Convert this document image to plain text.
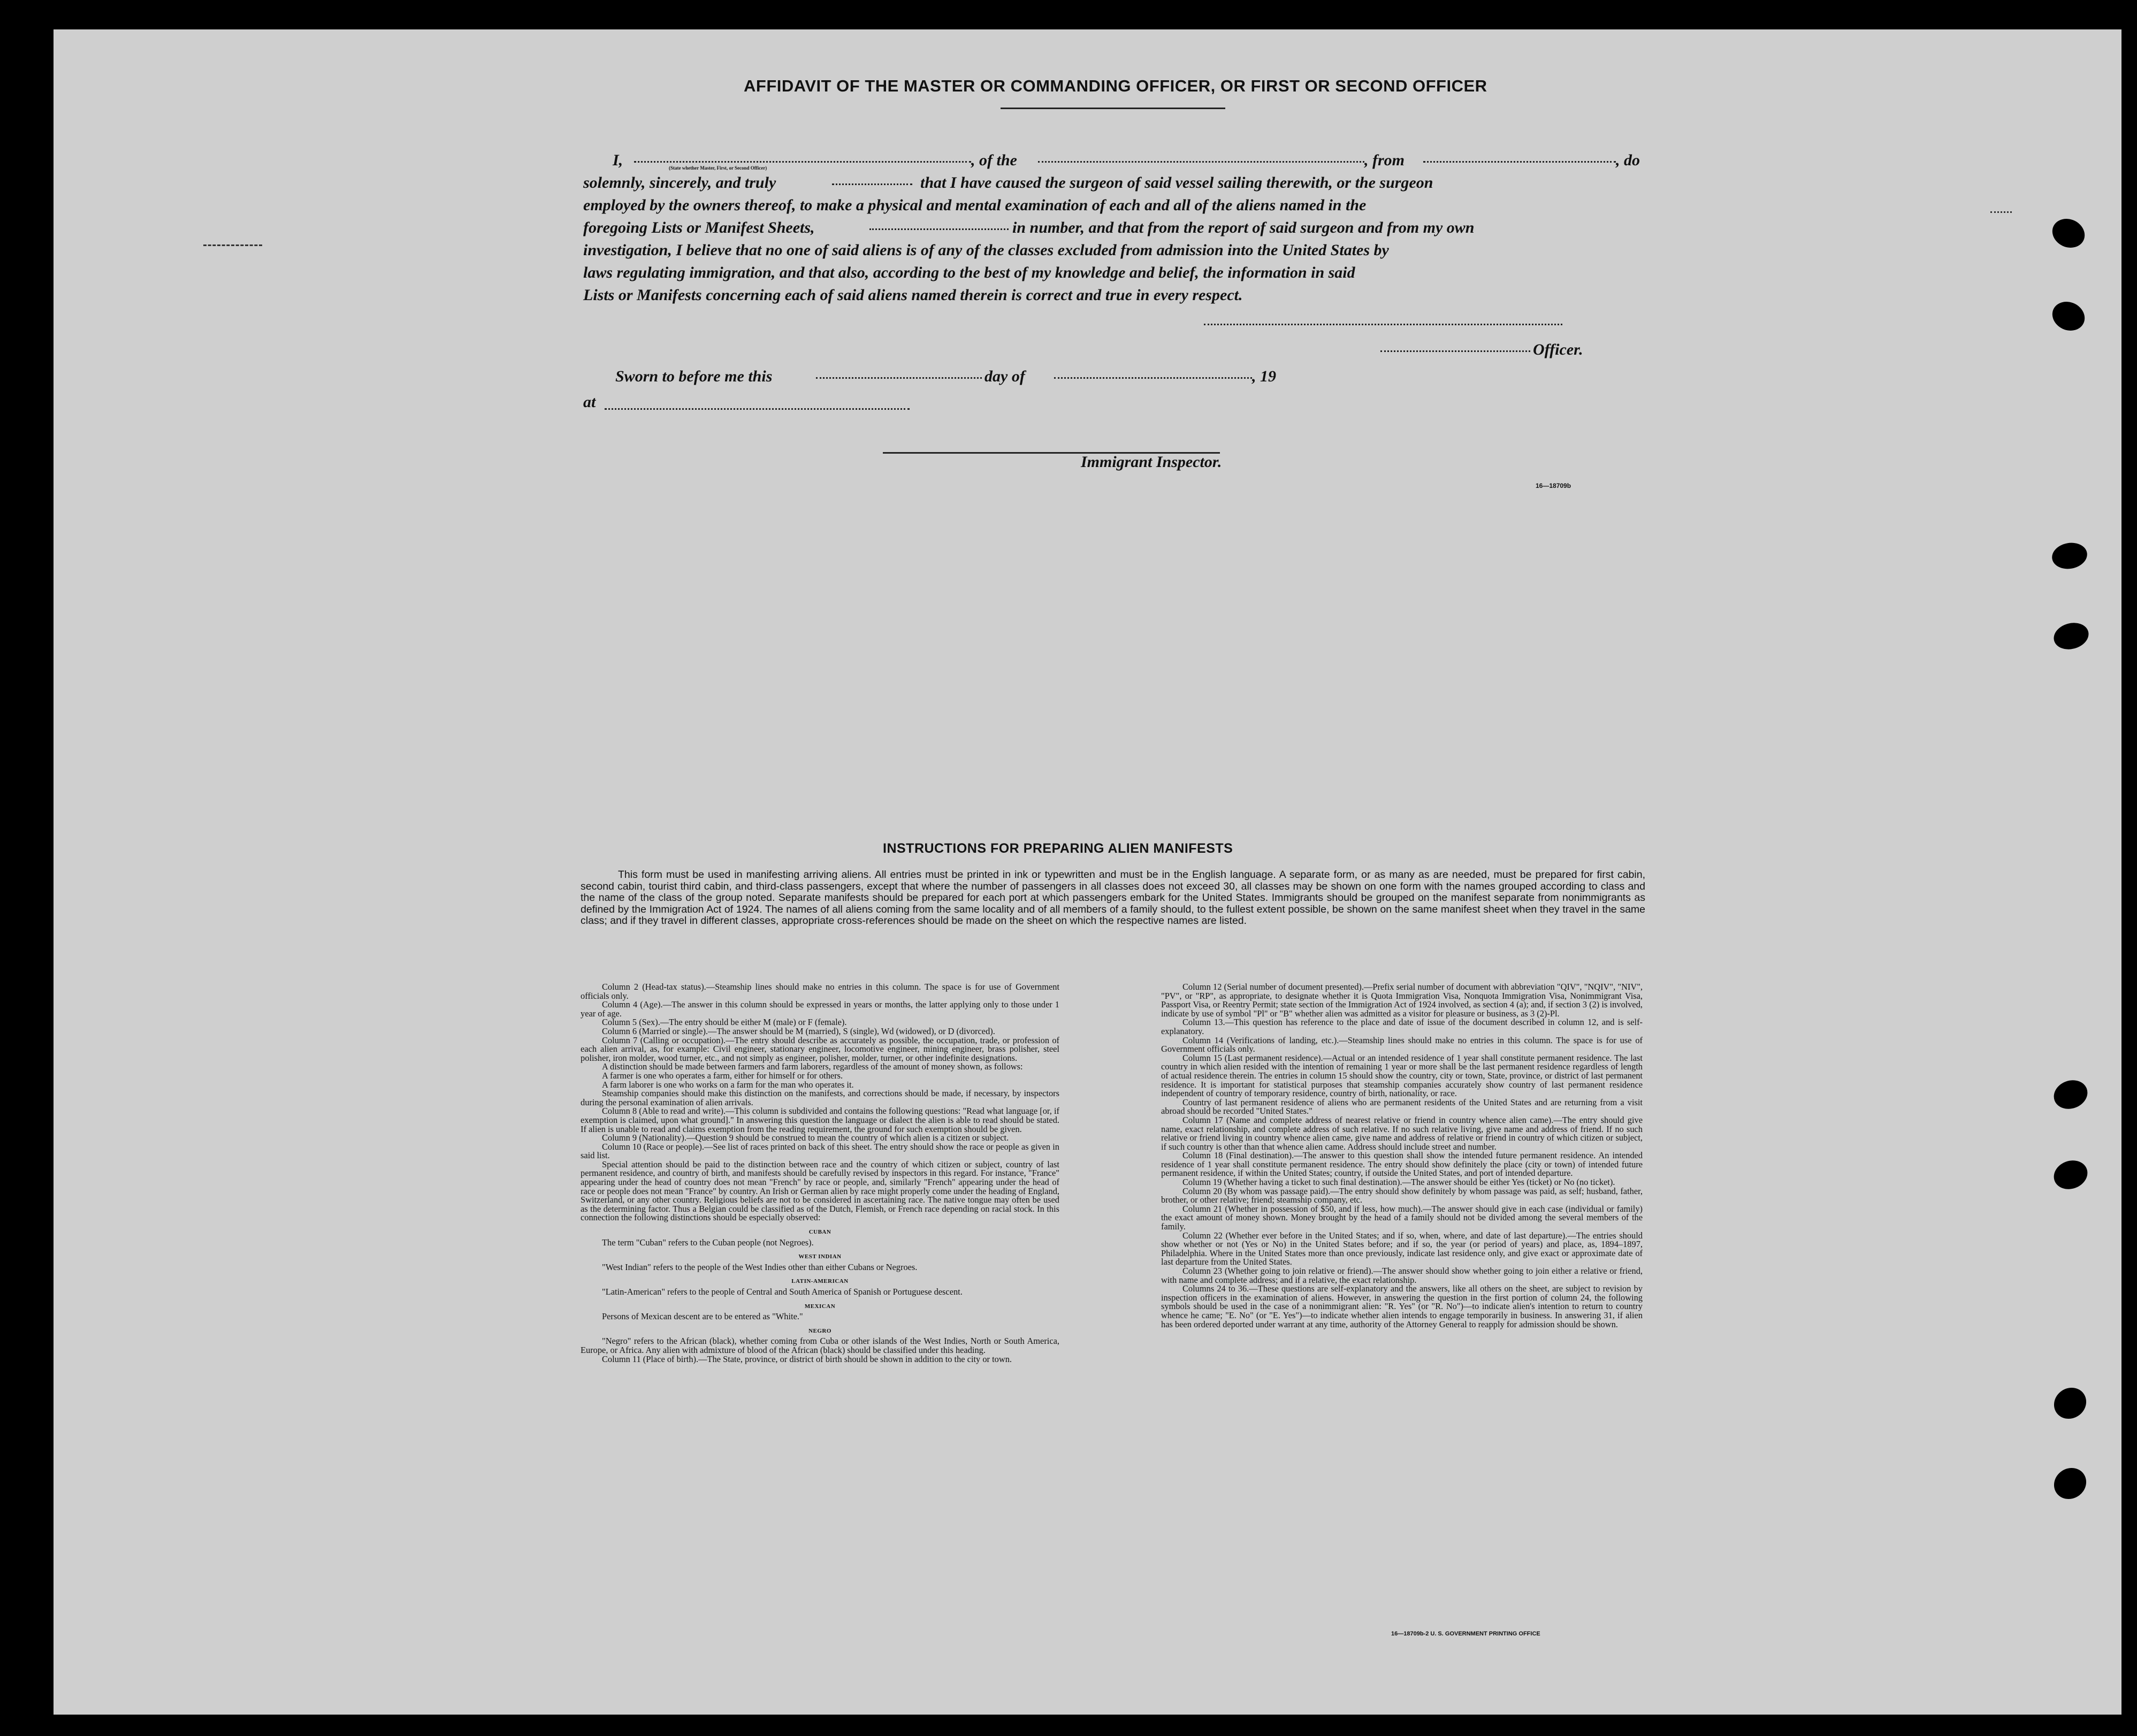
AFFIDAVIT OF THE MASTER OR COMMANDING OFFICER, OR FIRST OR SECOND OFFICER
I,	(State whether Master, First, or Second Officer)	, of the	, from	, do
solemnly, sincerely, and truly	that I have caused the surgeon of said vessel sailing therewith, or the surgeon
employed by the owners thereof, to make a physical and mental examination of each and all of the aliens named in the
foregoing Lists or Manifest Sheets,	in number, and that from the report of said surgeon and from my own
investigation, I believe that no one of said aliens is of any of the classes excluded from admission into the United States by
laws regulating immigration, and that also, according to the best of my knowledge and belief, the information in said
Lists or Manifests concerning each of said aliens named therein is correct and true in every respect.
Officer.
Sworn to before me this	day of	, 19
at
Immigrant Inspector.
16—18709b
INSTRUCTIONS FOR PREPARING ALIEN MANIFESTS
This form must be used in manifesting arriving aliens. All entries must be printed in ink or typewritten and must be in the English language. A separate form, or as many as are needed, must be prepared for first cabin, second cabin, tourist third cabin, and third-class passengers, except that where the number of passengers in all classes does not exceed 30, all classes may be shown on one form with the names grouped according to class and the name of the class of the group noted. Separate manifests should be prepared for each port at which passengers embark for the United States. Immigrants should be grouped on the manifest separate from nonimmigrants as defined by the Immigration Act of 1924. The names of all aliens coming from the same locality and of all members of a family should, to the fullest extent possible, be shown on the same manifest sheet when they travel in the same class; and if they travel in different classes, appropriate cross-references should be made on the sheet on which the respective names are listed.

Column 2 (Head-tax status).—Steamship lines should make no entries in this column. The space is for use of Government officials only.

Column 4 (Age).—The answer in this column should be expressed in years or months, the latter applying only to those under 1 year of age.

Column 5 (Sex).—The entry should be either M (male) or F (female).

Column 6 (Married or single).—The answer should be M (married), S (single), Wd (widowed), or D (divorced).

Column 7 (Calling or occupation).—The entry should describe as accurately as possible, the occupation, trade, or profession of each alien arrival, as, for example: Civil engineer, stationary engineer, locomotive engineer, mining engineer, brass polisher, steel polisher, iron molder, wood turner, etc., and not simply as engineer, polisher, molder, turner, or other indefinite designations.

A distinction should be made between farmers and farm laborers, regardless of the amount of money shown, as follows:

A farmer is one who operates a farm, either for himself or for others.

A farm laborer is one who works on a farm for the man who operates it.

Steamship companies should make this distinction on the manifests, and corrections should be made, if necessary, by inspectors during the personal examination of alien arrivals.

Column 8 (Able to read and write).—This column is subdivided and contains the following questions: "Read what language [or, if exemption is claimed, upon what ground]." In answering this question the language or dialect the alien is able to read should be stated. If alien is unable to read and claims exemption from the reading requirement, the ground for such exemption should be given.

Column 9 (Nationality).—Question 9 should be construed to mean the country of which alien is a citizen or subject.

Column 10 (Race or people).—See list of races printed on back of this sheet. The entry should show the race or people as given in said list.

Special attention should be paid to the distinction between race and the country of which citizen or subject, country of last permanent residence, and country of birth, and manifests should be carefully revised by inspectors in this regard. For instance, "France" appearing under the head of country does not mean "French" by race or people, and, similarly "French" appearing under the head of race or people does not mean "France" by country. An Irish or German alien by race might properly come under the heading of England, Switzerland, or any other country. Religious beliefs are not to be considered in ascertaining race. The native tongue may often be used as the determining factor. Thus a Belgian could be classified as of the Dutch, Flemish, or French race depending on racial stock. In this connection the following distinctions should be especially observed:

CUBAN

The term "Cuban" refers to the Cuban people (not Negroes).

WEST INDIAN

"West Indian" refers to the people of the West Indies other than either Cubans or Negroes.

LATIN-AMERICAN

"Latin-American" refers to the people of Central and South America of Spanish or Portuguese descent.

MEXICAN

Persons of Mexican descent are to be entered as "White."

NEGRO

"Negro" refers to the African (black), whether coming from Cuba or other islands of the West Indies, North or South America, Europe, or Africa. Any alien with admixture of blood of the African (black) should be classified under this heading.

Column 11 (Place of birth).—The State, province, or district of birth should be shown in addition to the city or town.

Column 12 (Serial number of document presented).—Prefix serial number of document with abbreviation "QIV", "NQIV", "NIV", "PV", or "RP", as appropriate, to designate whether it is Quota Immigration Visa, Nonquota Immigration Visa, Nonimmigrant Visa, Passport Visa, or Reentry Permit; state section of the Immigration Act of 1924 involved, as section 4 (a); and, if section 3 (2) is involved, indicate by use of symbol "Pl" or "B" whether alien was admitted as a visitor for pleasure or business, as 3 (2)-Pl.

Column 13.—This question has reference to the place and date of issue of the document described in column 12, and is self-explanatory.

Column 14 (Verifications of landing, etc.).—Steamship lines should make no entries in this column. The space is for use of Government officials only.

Column 15 (Last permanent residence).—Actual or an intended residence of 1 year shall constitute permanent residence. The last country in which alien resided with the intention of remaining 1 year or more shall be the last permanent residence regardless of length of actual residence therein. The entries in column 15 should show the country, city or town, State, province, or district of last permanent residence. It is important for statistical purposes that steamship companies accurately show country of last permanent residence independent of country of temporary residence, country of birth, nationality, or race.

Country of last permanent residence of aliens who are permanent residents of the United States and are returning from a visit abroad should be recorded "United States."

Column 17 (Name and complete address of nearest relative or friend in country whence alien came).—The entry should give name, exact relationship, and complete address of such relative. If no such relative living, give name and address of friend. If no such relative or friend living in country whence alien came, give name and address of relative or friend in country of which citizen or subject, if such country is other than that whence alien came. Address should include street and number.

Column 18 (Final destination).—The answer to this question shall show the intended future permanent residence. An intended residence of 1 year shall constitute permanent residence. The entry should show definitely the place (city or town) of intended future permanent residence, if within the United States; country, if outside the United States, and port of intended departure.

Column 19 (Whether having a ticket to such final destination).—The answer should be either Yes (ticket) or No (no ticket).

Column 20 (By whom was passage paid).—The entry should show definitely by whom passage was paid, as self; husband, father, brother, or other relative; friend; steamship company, etc.

Column 21 (Whether in possession of $50, and if less, how much).—The answer should give in each case (individual or family) the exact amount of money shown. Money brought by the head of a family should not be divided among the several members of the family.

Column 22 (Whether ever before in the United States; and if so, when, where, and date of last departure).—The entries should show whether or not (Yes or No) in the United States before; and if so, the year (or period of years) and place, as, 1894–1897, Philadelphia. Where in the United States more than once previously, indicate last residence only, and give exact or approximate date of last departure from the United States.

Column 23 (Whether going to join relative or friend).—The answer should show whether going to join either a relative or friend, with name and complete address; and if a relative, the exact relationship.

Columns 24 to 36.—These questions are self-explanatory and the answers, like all others on the sheet, are subject to revision by inspection officers in the examination of aliens. However, in answering the question in the first portion of column 24, the following symbols should be used in the case of a nonimmigrant alien: "R. Yes" (or "R. No")—to indicate alien's intention to return to country whence he came; "E. No" (or "E. Yes")—to indicate whether alien intends to engage temporarily in business. In answering 31, if alien has been ordered deported under warrant at any time, authority of the Attorney General to reapply for admission should be shown.

16—18709b-2 U. S. GOVERNMENT PRINTING OFFICE
